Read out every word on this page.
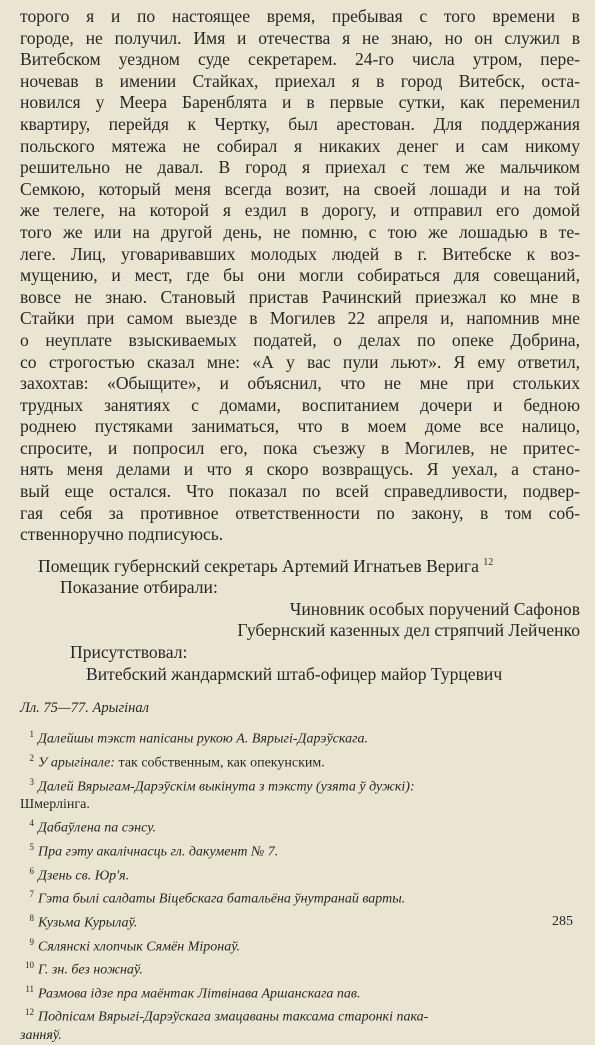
торого я и по настоящее время, пребывая с того времени в
городе, не получил. Имя и отечества я не знаю, но он служил в
Витебском уездном суде секретарем. 24-го числа утром, пере-
ночевав в имении Стайках, приехал я в город Витебск, оста-
новился у Меера Баренблята и в первые сутки, как переменил
квартиру, перейдя к Чертку, был арестован. Для поддержания
польского мятежа не собирал я никаких денег и сам никому
решительно не давал. В город я приехал с тем же мальчиком
Семкою, который меня всегда возит, на своей лошади и на той
же телеге, на которой я ездил в дорогу, и отправил его домой
того же или на другой день, не помню, с тою же лошадью в те-
леге. Лиц, уговаривавших молодых людей в г. Витебске к воз-
мущению, и мест, где бы они могли собираться для совещаний,
вовсе не знаю. Становый пристав Рачинский приезжал ко мне в
Стайки при самом выезде в Могилев 22 апреля и, напомнив мне
о неуплате взыскиваемых податей, о делах по опеке Добрина,
со строгостью сказал мне: «А у вас пули льют». Я ему ответил,
захохтав: «Обыщите», и объяснил, что не мне при стольких
трудных занятиях с домами, воспитанием дочери и бедною
роднею пустяками заниматься, что в моем доме все налицо,
спросите, и попросил его, пока съезжу в Могилев, не притес-
нять меня делами и что я скоро возвращусь. Я уехал, а стано-
вый еще остался. Что показал по всей справедливости, подвер-
гая себя за противное ответственности по закону, в том соб-
ственноручно подписуюсь.
Помещик губернский секретарь Артемий Игнатьев Верига $^{12}$
Показание отбирали:
Чиновник особых поручений Сафонов
Губернский казенных дел стряпчий Лейченко
Присутствовал:
Витебский жандармский штаб-офицер майор Турцевич
Лл. 75—77. Арыгінал
1 Далейшы тэкст напісаны рукою А. Вярыгі-Дарэўскага.
2 У арыгінале: так собственным, как опекунским.
3 Далей Вярыгам-Дарэўскім выкінута з тэксту (узята ў дужкі):
Шмерлінга.
4 Дабаўлена па сэнсу.
5 Пра гэту акалічнасць гл. дакумент № 7.
6 Дзень св. Юр'я.
7 Гэта былі салдаты Віцебскага батальёна ўнутранай варты.
8 Кузьма Курылаў.
9 Сялянскі хлопчык Сямён Міронаў.
10 Г. зн. без ножнаў.
11 Размова ідзе пра маёнтак Літвінава Аршанскага пав.
12 Подпісам Вярыгі-Дарэўскага змацаваны таксама старонкі пака-
занняў.
285
